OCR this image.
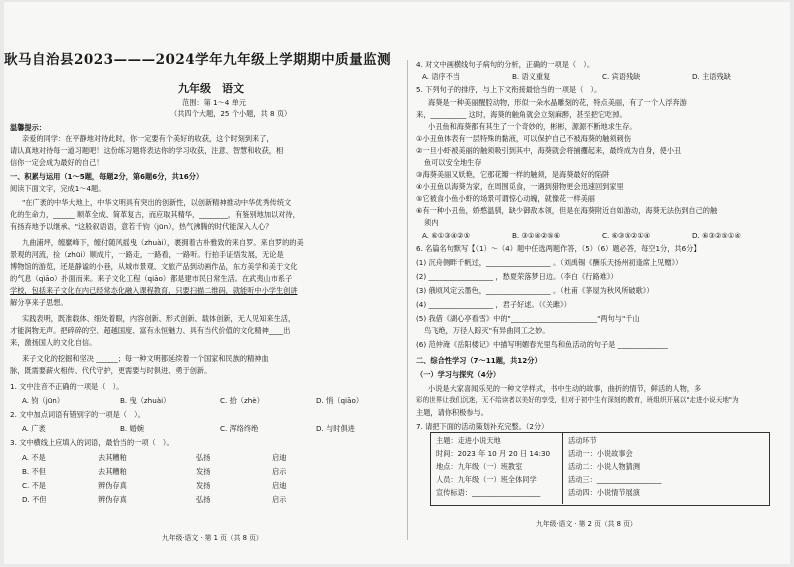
耿马自治县2023———2024学年九年级上学期期中质量监测
九年级　语文
范围：第 1～4 单元
（共四个大题，25 个小题，共 8 页）
温馨提示：
亲爱的同学：在平静地对待此时，你一定要有个美好的收获，这个时刻到来了，
请认真地对待每一道习题吧！这份练习题将表达你的学习收获，注意、智慧和收获，相
信你一定会成为最好的自己！
一、积累与运用（1～5题，每题2分，第6题6分，共16分）
阅读下面文字，完成1～4题。
"在广袤的中华大地上，中华文明具有突出的创新性，以创新精神推动中华优秀传统文
化的生命力，______ 顺革全成、简革复古，而应取其精华，________，有鉴别地加以对待，
有扬弃地予以继承。"这般叙语语，意若千钧（jūn），热气沸腾的时代能深入人心？
九曲浦坪，缠縻峰下，缠付随风摇曳（zhuài），裹拥着古朴雅致的来自罗。来自罗的的美
景观的河流，捡（zhūi）顺成片，一路走，一路看，一路听。行拍手证悟发展，无论是
博物馆的游览，还是静谧的小巷，从城市景观、文旅产品到动画作品，东方美学和美于文化
的气息（qìāo）扑面而来。来子文化工程（qiāo）都是建市民日常生活。在武夷山市系子
学校，包括来子文化在内已经常态化融入课程教育，只要扫描二维码，就能听中小学生创讲
解分享来子思想。
实践表明，既准载体、细处着眼，内容创新、形式创新、载体创新，无人见知来生活，
才能润物无声。把碎碎的空、超越国度、富有永恒魅力、具有当代价值的文化精神____出
来，激扬国人的文化自信。
来子文化的挖掘和坚决 ______；每一种文明都延续着一个国家和民族的精神血
脉，既需要薪火相传、代代守护，更需要与时俱进、勇于创新。
1. 文中注音不正确的一项是（　）。
A. 钧（jūn）	B. 曳（zhuài）	C. 拾（zhè）	D. 悄（qiāo）
2. 文中加点词语有错别字的一项是（　）。
A. 广袤	B. 婚婉	C. 浑络终绝	D. 与时俱进
3. 文中横线上应填入的词语，最恰当的一项（　）。
A. 不是	去其糟粕	弘扬	启迪
B. 不但	去其糟粕	发扬	启示
C. 不是	辨伪存真	发扬	启迪
D. 不但	辨伪存真	弘扬	启示
九年级·语文 · 第 1 页（共 8 页）
4. 对文中画横线句子病句的分析，正确的一项是（　）。
A. 语序不当	B. 语义重复	C. 宾语残缺	D. 主语残缺
5. 下列句子的排序，与上下文衔接最恰当的一项是（　）。
海葵是一种美丽醒腔动物，形似一朵水晶雕刻的花，特点美丽，有了一个人浮奔游
来，__________ 这时，海葵的触角就会立刻麻醉，甚至把它吃掉。
小丑鱼和海葵都有其生了一个奇妙的，彬彬，源源不断地求生存。
①小丑鱼体表有一层特殊的黏液，可以保护自己不被海葵的触须刺伤
②一旦小虾被美丽的触须吸引到其中，海葵就会将捕攫起来，最终成为自身，使小丑
鱼可以安全地生存
③海葵美丽又妖艳，它那花瓣一样的触须，是海葵最好的陷阱
④小丑鱼以海葵为家，在周围觅食，一遇到猎物更会迅速回到家里
⑤它被食小鱼小虾的场景可谓惊心动魄，就像花一样美丽
⑥有一种小丑鱼，娇憨温驯，缺少御敌本领，但是在海葵附近自如游动，海葵无法伤到自己的触
须内
A. ⑥①③④②⑤	B. ③①④②⑤⑥	C. ⑥③⑤②①④	D. ⑥③②⑤①④
6. 名篇名句默写【（1）～（4）题中任选两题作答，（5）（6）题必答，每空1分，共6分】
(1) 沉舟侧畔千帆过，__________________ 。（刘禹锡《酬乐天扬州初逢席上见赠》）
(2) __________________ ，愁夏荣落梦日边。（李白《行路难》）
(3) 俄顷风定云墨色，__________________ 。（杜甫《茅屋为秋风所破歌》）
(4) __________________ ，君子好逑。（《关雎》）
(5) 我借《湖心亭看雪》中的"________________________"两句与"千山
鸟飞绝，万径人踪灭"有异曲同工之妙。
(6) 范仲淹《岳阳楼记》中描写明媚春光里鸟和鱼活动的句子是 ______________
二、综合性学习（7～11题，共12分）
（一）学习与探究（4分）
小说是大家喜闻乐见的一种文学样式，书中生动的故事，曲折的情节，鲜活的人物，多
彩的世界让我们沉迷，无不给读者以美好的享受，但对于初中生有深刻的教育，班组织开展以"走进小说天地"为
主题，请你积极参与。
7. 请把下面的活动策划补充完整。（2分）
主题：走进小说天地
时间：2023 年 10 月 20 日 14:30
地点：九年级（一）班教室
人员：九年级（一）班全体同学
宣传标语：___________________
活动环节
活动一：小说故事会
活动二：小说人物猜测
活动三：__________________
活动四：小说情节展演
九年级·语文 · 第 2 页（共 8 页）
